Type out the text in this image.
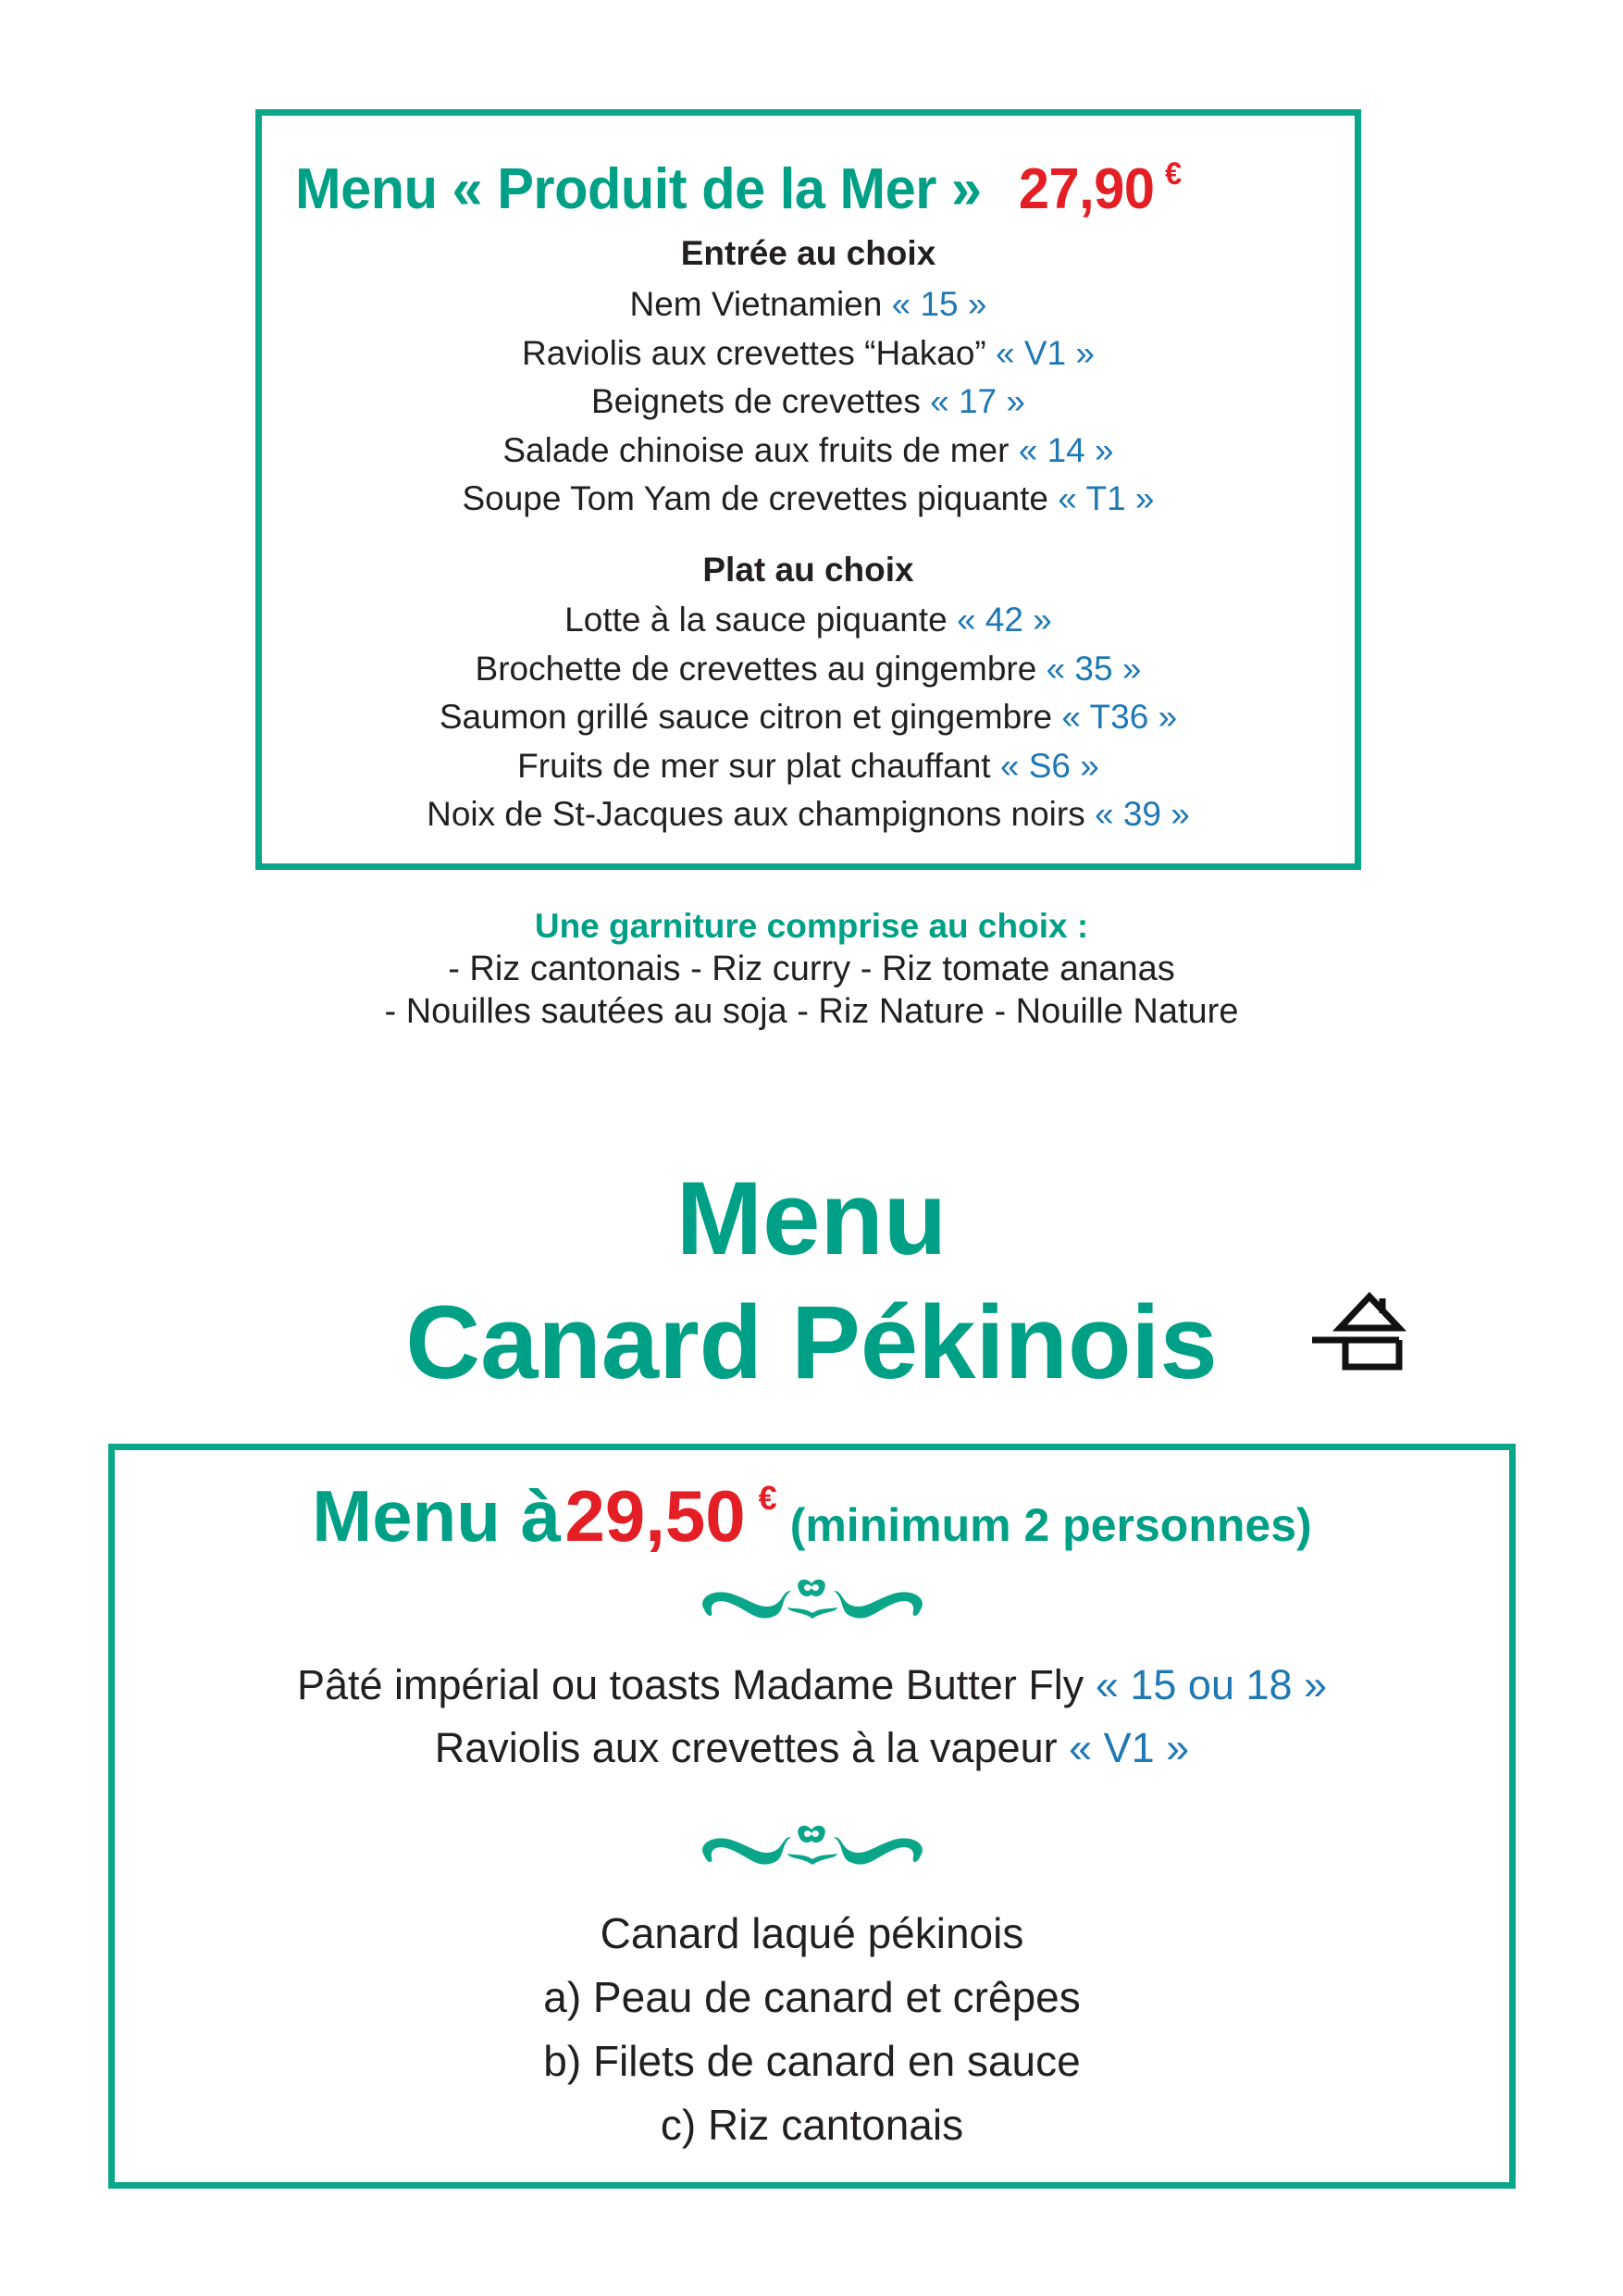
Menu « Produit de la Mer » 27,90 €
Entrée au choix
Nem Vietnamien « 15 »
Raviolis aux crevettes “Hakao” « V1 »
Beignets de crevettes « 17 »
Salade chinoise aux fruits de mer « 14 »
Soupe Tom Yam de crevettes piquante « T1 »
Plat au choix
Lotte à la sauce piquante « 42 »
Brochette de crevettes au gingembre « 35 »
Saumon grillé sauce citron et gingembre « T36 »
Fruits de mer sur plat chauffant « S6 »
Noix de St-Jacques aux champignons noirs « 39 »
Une garniture comprise au choix :
- Riz cantonais - Riz curry - Riz tomate ananas
- Nouilles sautées au soja - Riz Nature - Nouille Nature
Menu
Canard Pékinois
Menu à 29,50 €(minimum 2 personnes)
Pâté impérial ou toasts Madame Butter Fly « 15 ou 18 »
Raviolis aux crevettes à la vapeur « V1 »
Canard laqué pékinois
a) Peau de canard et crêpes
b) Filets de canard en sauce
c) Riz cantonais
